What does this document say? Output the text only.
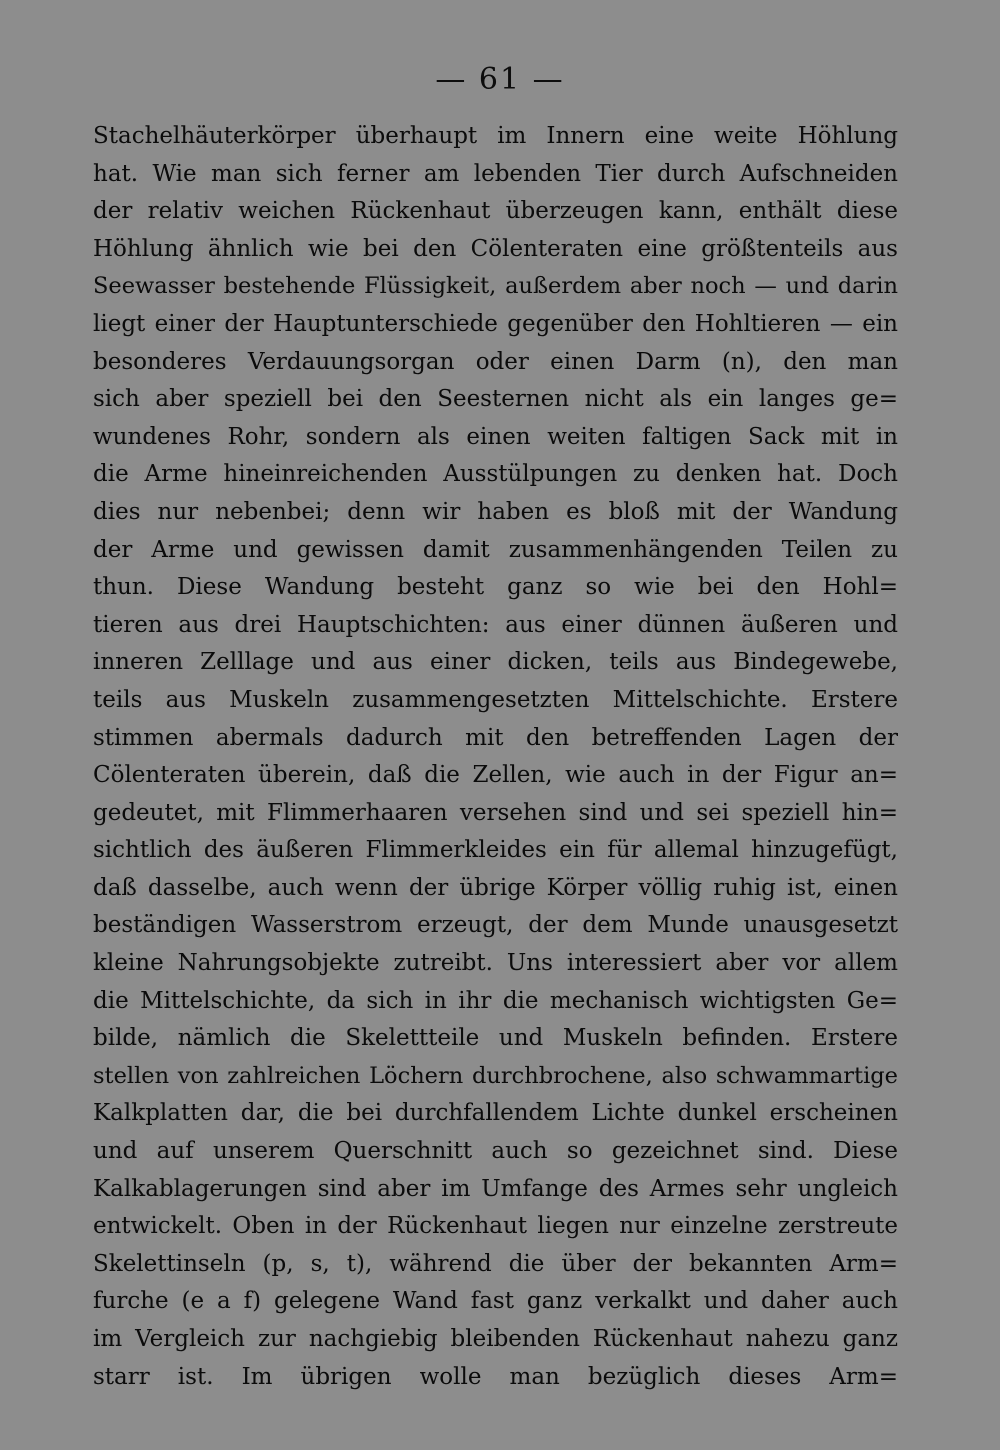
— 61 —
Stachelhäuterkörper überhaupt im Innern eine weite Höhlung
hat. Wie man sich ferner am lebenden Tier durch Aufschneiden
der relativ weichen Rückenhaut überzeugen kann, enthält diese
Höhlung ähnlich wie bei den Cölenteraten eine größtenteils aus
Seewasser bestehende Flüssigkeit, außerdem aber noch — und darin
liegt einer der Hauptunterschiede gegenüber den Hohltieren — ein
besonderes Verdauungsorgan oder einen Darm (n), den man
sich aber speziell bei den Seesternen nicht als ein langes ge=
wundenes Rohr, sondern als einen weiten faltigen Sack mit in
die Arme hineinreichenden Ausstülpungen zu denken hat. Doch
dies nur nebenbei; denn wir haben es bloß mit der Wandung
der Arme und gewissen damit zusammenhängenden Teilen zu
thun. Diese Wandung besteht ganz so wie bei den Hohl=
tieren aus drei Hauptschichten: aus einer dünnen äußeren und
inneren Zelllage und aus einer dicken, teils aus Bindegewebe,
teils aus Muskeln zusammengesetzten Mittelschichte. Erstere
stimmen abermals dadurch mit den betreffenden Lagen der
Cölenteraten überein, daß die Zellen, wie auch in der Figur an=
gedeutet, mit Flimmerhaaren versehen sind und sei speziell hin=
sichtlich des äußeren Flimmerkleides ein für allemal hinzugefügt,
daß dasselbe, auch wenn der übrige Körper völlig ruhig ist, einen
beständigen Wasserstrom erzeugt, der dem Munde unausgesetzt
kleine Nahrungsobjekte zutreibt. Uns interessiert aber vor allem
die Mittelschichte, da sich in ihr die mechanisch wichtigsten Ge=
bilde, nämlich die Skelettteile und Muskeln befinden. Erstere
stellen von zahlreichen Löchern durchbrochene, also schwammartige
Kalkplatten dar, die bei durchfallendem Lichte dunkel erscheinen
und auf unserem Querschnitt auch so gezeichnet sind. Diese
Kalkablagerungen sind aber im Umfange des Armes sehr ungleich
entwickelt. Oben in der Rückenhaut liegen nur einzelne zerstreute
Skelettinseln (p, s, t), während die über der bekannten Arm=
furche (e a f) gelegene Wand fast ganz verkalkt und daher auch
im Vergleich zur nachgiebig bleibenden Rückenhaut nahezu ganz
starr ist. Im übrigen wolle man bezüglich dieses Arm=
